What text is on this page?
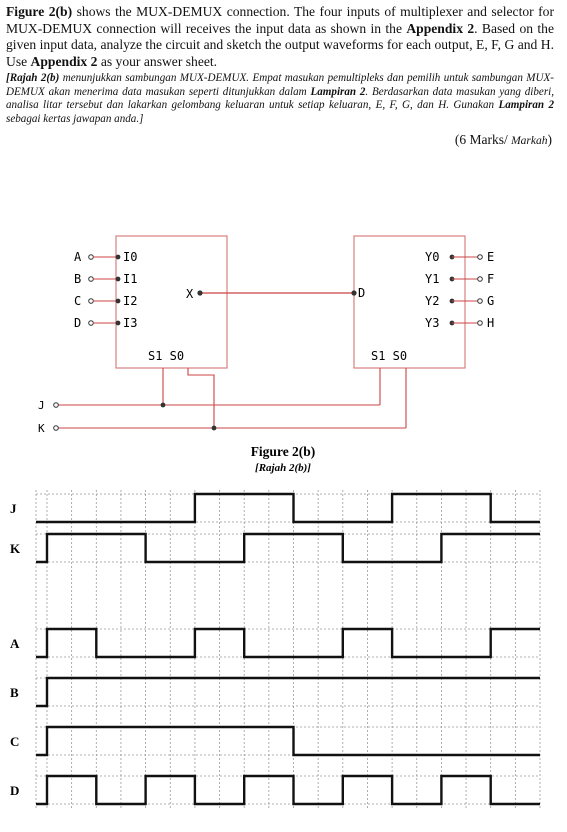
Figure 2(b) shows the MUX-DEMUX connection. The four inputs of multiplexer and selector for MUX-DEMUX connection will receives the input data as shown in the Appendix 2. Based on the given input data, analyze the circuit and sketch the output waveforms for each output, E, F, G and H. Use Appendix 2 as your answer sheet.

[Rajah 2(b) menunjukkan sambungan MUX-DEMUX. Empat masukan pemultipleks dan pemilih untuk sambungan MUX-DEMUX akan menerima data masukan seperti ditunjukkan dalam Lampiran 2. Berdasarkan data masukan yang diberi, analisa litar tersebut dan lakarkan gelombang keluaran untuk setiap keluaran, E, F, G, dan H. Gunakan Lampiran 2 sebagai kertas jawapan anda.]

(6 Marks/ Markah)

X	D
A	I0
B	I1
C	I2
D	I3
Y0	E
Y1	F
Y2	G
Y3	H
S1 S0	S1 S0
J
K
Figure 2(b)
[Rajah 2(b)]
J
K
A
B
C
D
